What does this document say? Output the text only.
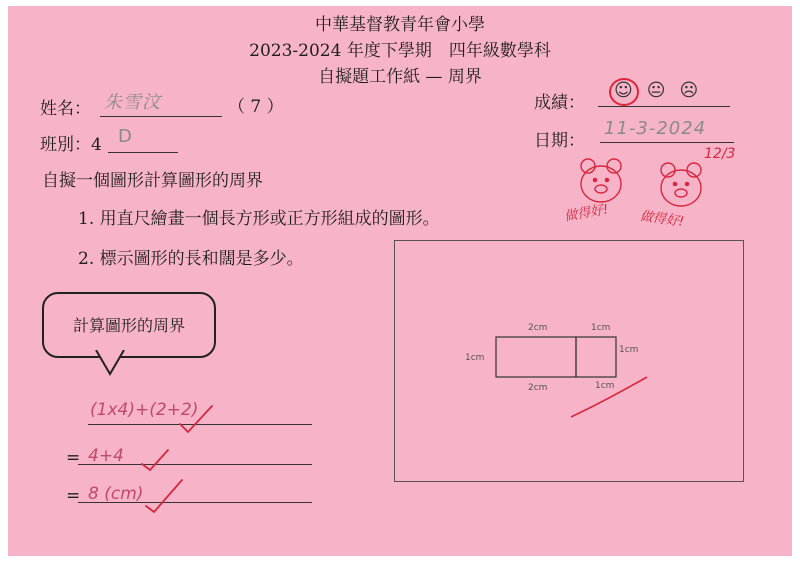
中華基督教青年會小學
2023-2024 年度下學期　四年級數學科
自擬題工作紙 — 周界
姓名： 朱雪汶	（ 7 ）
班別：4 D
成績：
☺😐☹
日期：
11-3-2024
12/3
做得好! 做得好!
自擬一個圖形計算圖形的周界
1. 用直尺繪畫一個長方形或正方形組成的圖形。
2. 標示圖形的長和闊是多少。
2cm	1cm
1cm
1cm
2cm	1cm
計算圖形的周界
(1x4)+(2+2)
= 4+4
= 8 (cm)
